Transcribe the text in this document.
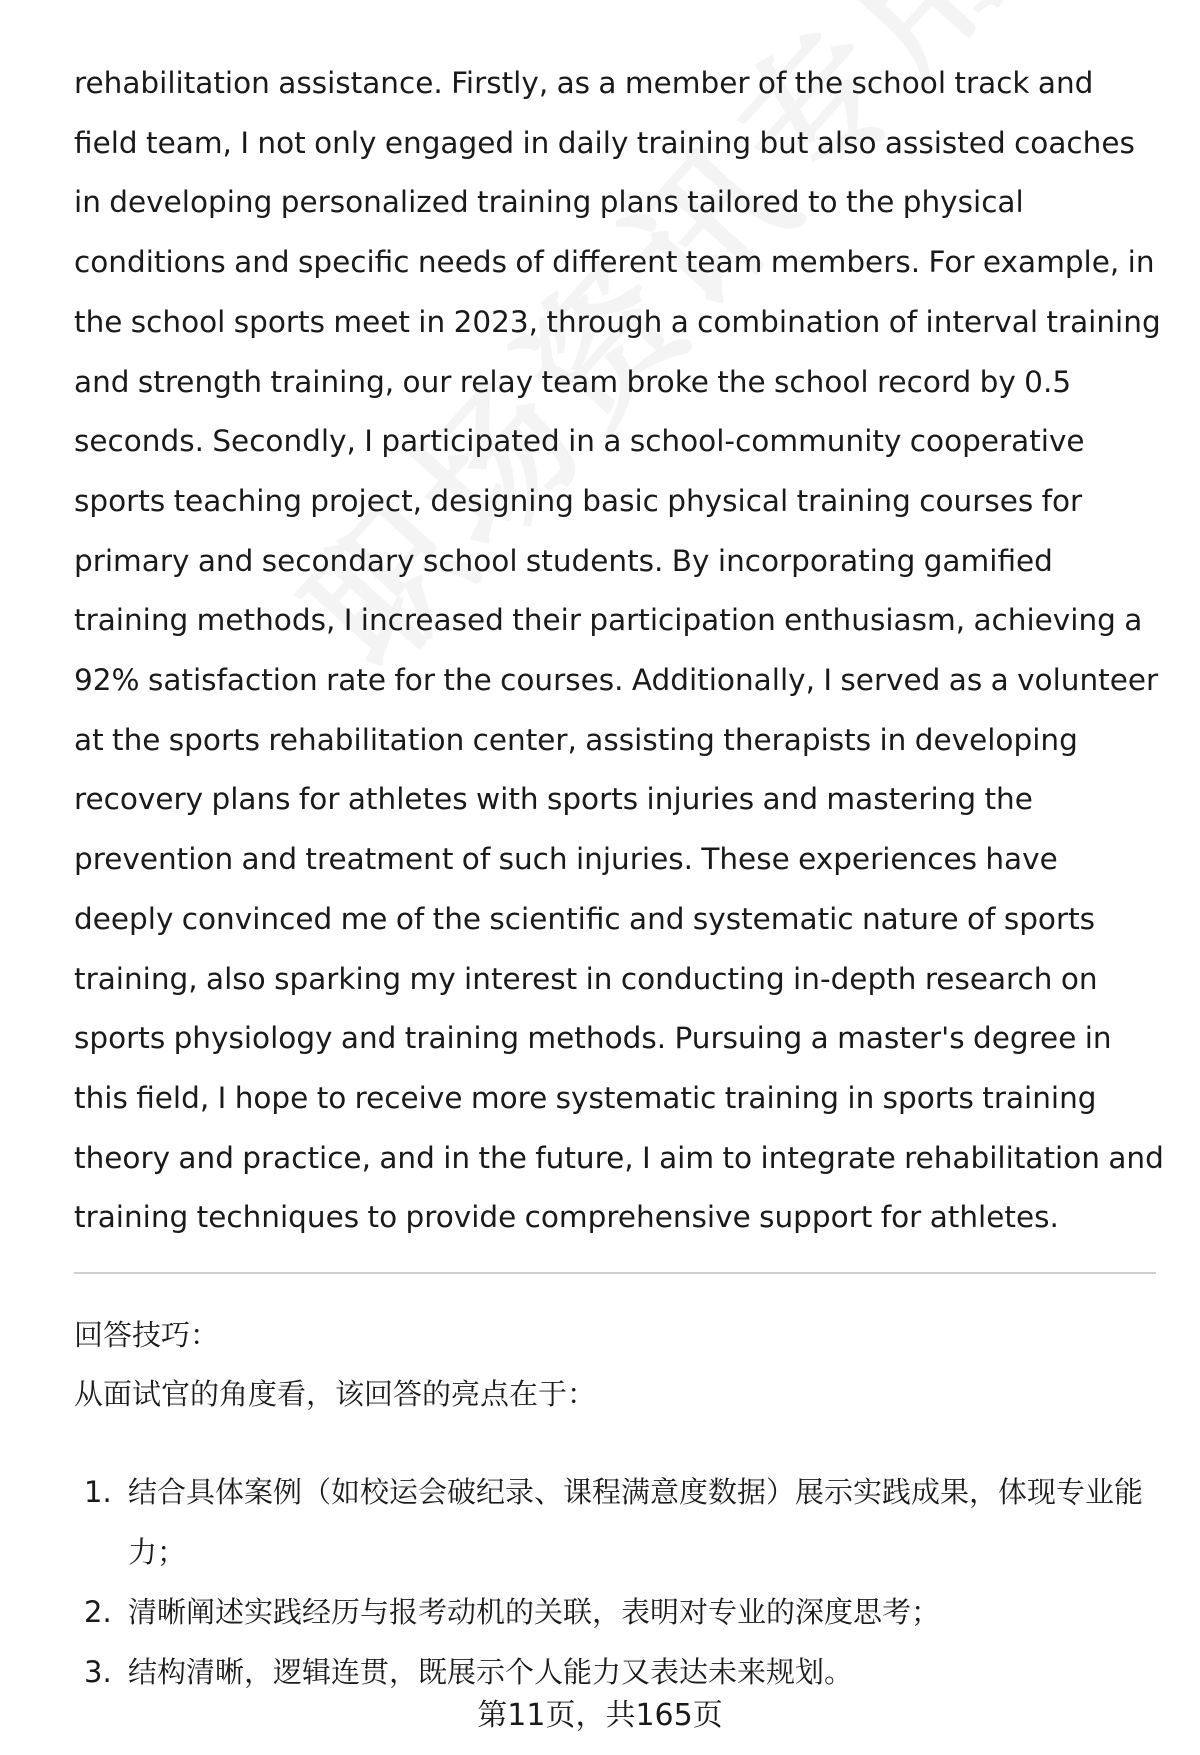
rehabilitation assistance. Firstly, as a member of the school track and field team, I not only engaged in daily training but also assisted coaches in developing personalized training plans tailored to the physical conditions and specific needs of different team members. For example, in the school sports meet in 2023, through a combination of interval training and strength training, our relay team broke the school record by 0.5 seconds. Secondly, I participated in a school-community cooperative sports teaching project, designing basic physical training courses for primary and secondary school students. By incorporating gamified training methods, I increased their participation enthusiasm, achieving a 92% satisfaction rate for the courses. Additionally, I served as a volunteer at the sports rehabilitation center, assisting therapists in developing recovery plans for athletes with sports injuries and mastering the prevention and treatment of such injuries. These experiences have deeply convinced me of the scientific and systematic nature of sports training, also sparking my interest in conducting in-depth research on sports physiology and training methods. Pursuing a master's degree in this field, I hope to receive more systematic training in sports training theory and practice, and in the future, I aim to integrate rehabilitation and training techniques to provide comprehensive support for athletes.

回答技巧：

从面试官的角度看，该回答的亮点在于：

1. 结合具体案例（如校运会破纪录、课程满意度数据）展示实践成果，体现专业能力；
2. 清晰阐述实践经历与报考动机的关联，表明对专业的深度思考；
3. 结构清晰，逻辑连贯，既展示个人能力又表达未来规划。
第11页，共165页
